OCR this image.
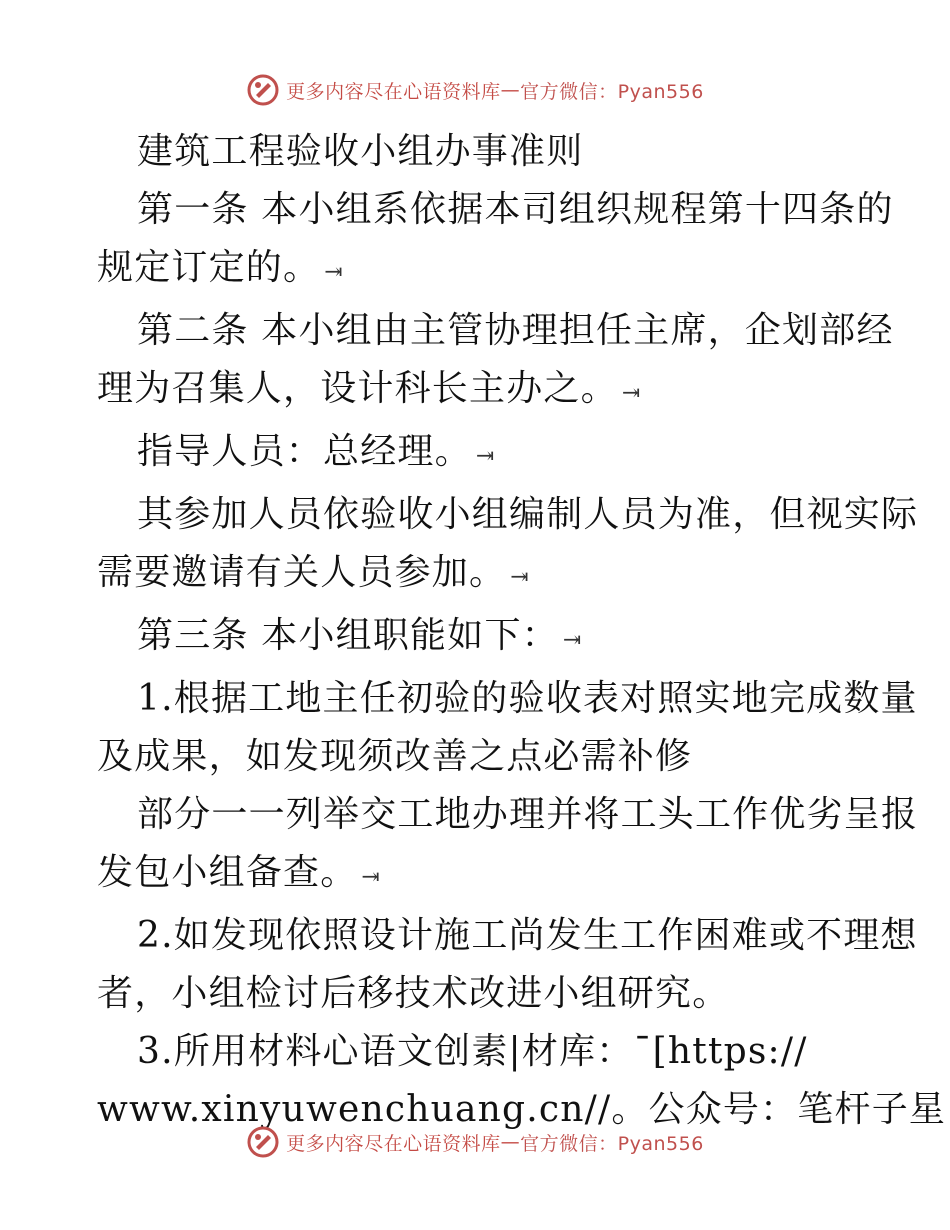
更多内容尽在心语资料库 — 官方微信：Pyan556

建筑工程验收小组办事准则

第一条 本小组系依据本司组织规程第十四条的

规定订定的。 ⇥

第二条 本小组由主管协理担任主席，企划部经

理为召集人，设计科长主办之。 ⇥

指导人员：总经理。 ⇥

其参加人员依验收小组编制人员为准，但视实际

需要邀请有关人员参加。 ⇥

第三条 本小组职能如下： ⇥

1.根据工地主任初验的验收表对照实地完成数量

及成果，如发现须改善之点必需补修

部分一一列举交工地办理并将工头工作优劣呈报

发包小组备查。 ⇥

2.如发现依照设计施工尚发生工作困难或不理想

者，小组检讨后移技术改进小组研究。

3.所用材料心语文创素|材库：¯[https://

www.xinyuwenchuang.cn//。公众号：笔杆子星

更多内容尽在心语资料库 — 官方微信：Pyan556
